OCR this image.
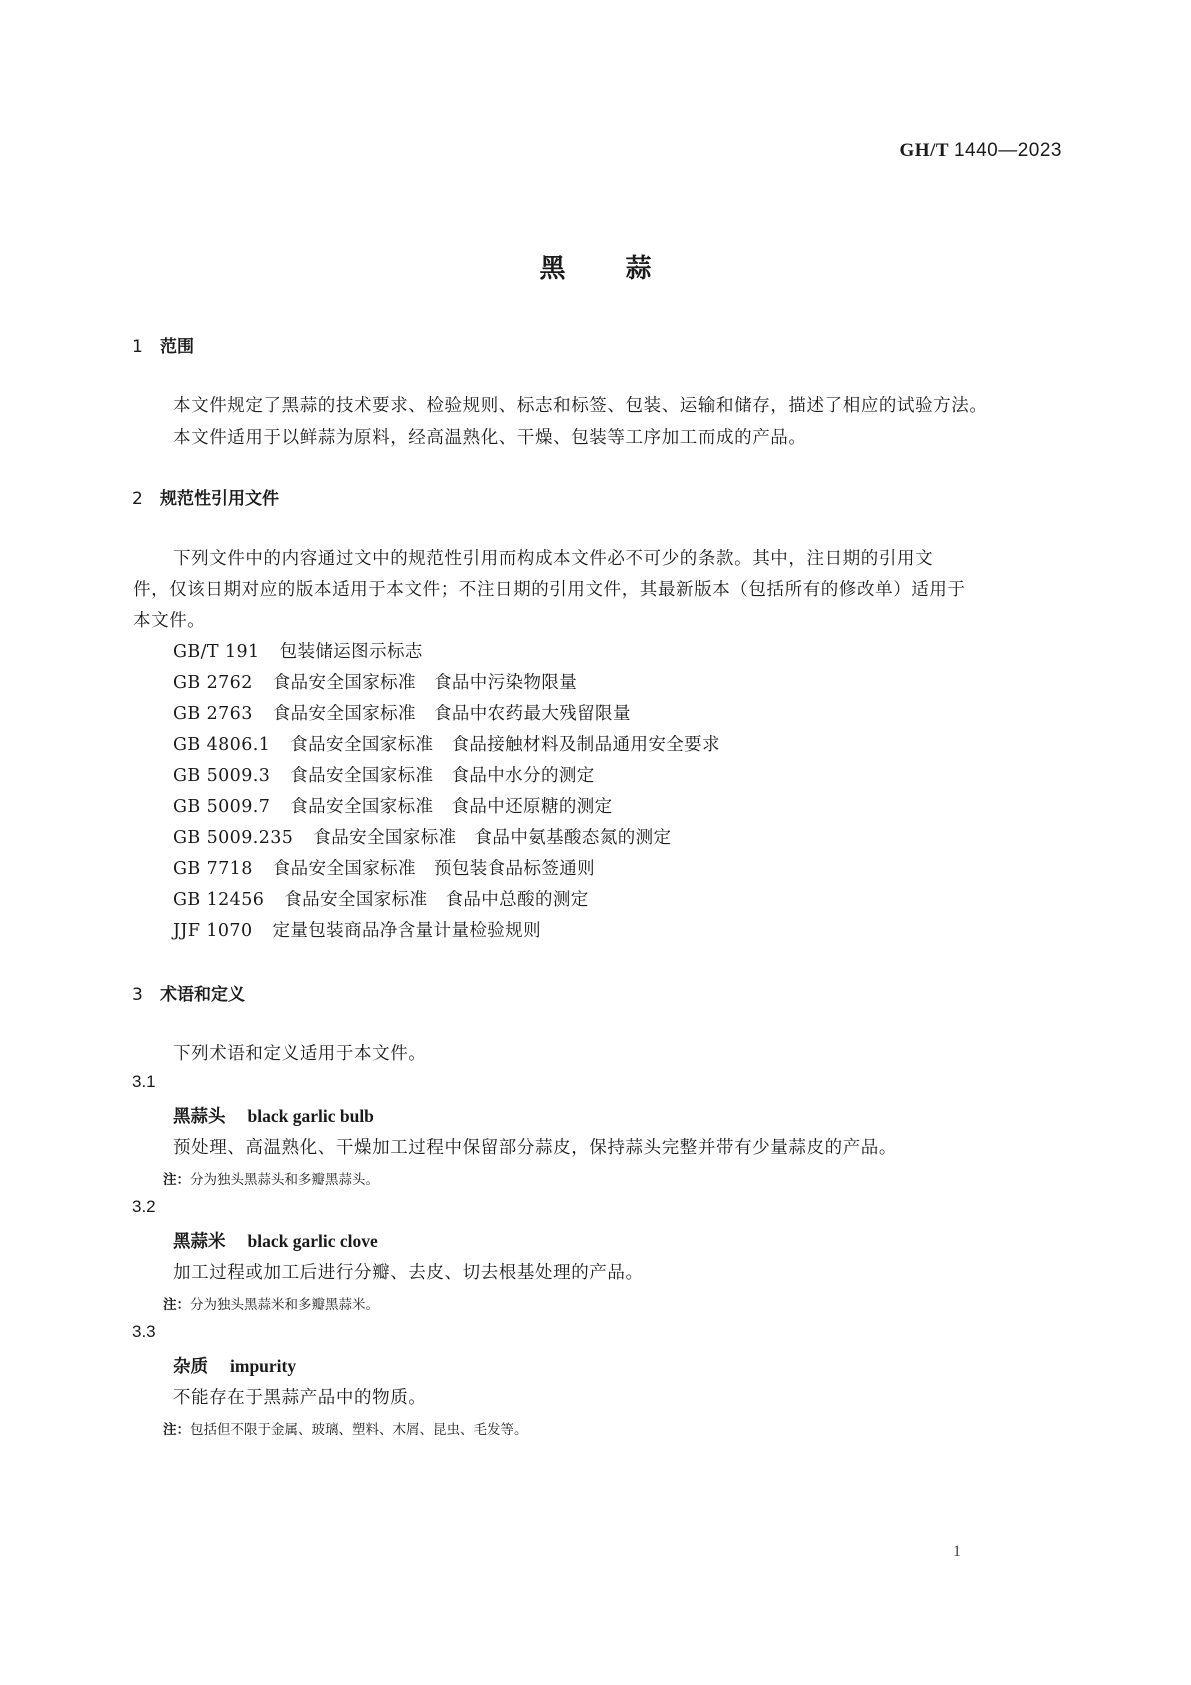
GH/T 1440—2023
黑蒜
1 范围
本文件规定了黑蒜的技术要求、检验规则、标志和标签、包装、运输和储存，描述了相应的试验方法。
本文件适用于以鲜蒜为原料，经高温熟化、干燥、包装等工序加工而成的产品。
2 规范性引用文件
下列文件中的内容通过文中的规范性引用而构成本文件必不可少的条款。其中，注日期的引用文
件，仅该日期对应的版本适用于本文件；不注日期的引用文件，其最新版本（包括所有的修改单）适用于
本文件。
GB/T 191 包装储运图示标志
GB 2762 食品安全国家标准 食品中污染物限量
GB 2763 食品安全国家标准 食品中农药最大残留限量
GB 4806.1 食品安全国家标准 食品接触材料及制品通用安全要求
GB 5009.3 食品安全国家标准 食品中水分的测定
GB 5009.7 食品安全国家标准 食品中还原糖的测定
GB 5009.235 食品安全国家标准 食品中氨基酸态氮的测定
GB 7718 食品安全国家标准 预包装食品标签通则
GB 12456 食品安全国家标准 食品中总酸的测定
JJF 1070 定量包装商品净含量计量检验规则
3 术语和定义
下列术语和定义适用于本文件。
3.1
黑蒜头 black garlic bulb
预处理、高温熟化、干燥加工过程中保留部分蒜皮，保持蒜头完整并带有少量蒜皮的产品。
注：分为独头黑蒜头和多瓣黑蒜头。
3.2
黑蒜米 black garlic clove
加工过程或加工后进行分瓣、去皮、切去根基处理的产品。
注：分为独头黑蒜米和多瓣黑蒜米。
3.3
杂质 impurity
不能存在于黑蒜产品中的物质。
注：包括但不限于金属、玻璃、塑料、木屑、昆虫、毛发等。
1
